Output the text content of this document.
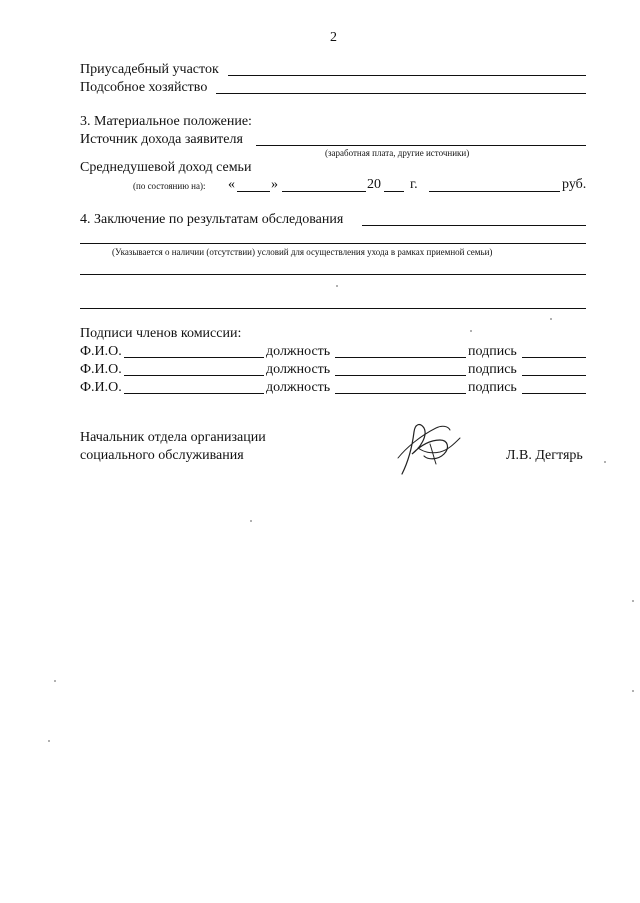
2
Приусадебный участок
Подсобное хозяйство
3. Материальное положение:
Источник дохода заявителя
(заработная плата, другие источники)
Среднедушевой доход семьи
(по состоянию на): «	»	20 г.	руб.
4. Заключение по результатам обследования
(Указывается о наличии (отсутствии) условий для осуществления ухода в рамках приемной семьи)
Подписи членов комиссии:
Ф.И.О.	должность	подпись
Ф.И.О.	должность	подпись
Ф.И.О.	должность	подпись
Начальник отдела организации
социального обслуживания	Л.В. Дегтярь
